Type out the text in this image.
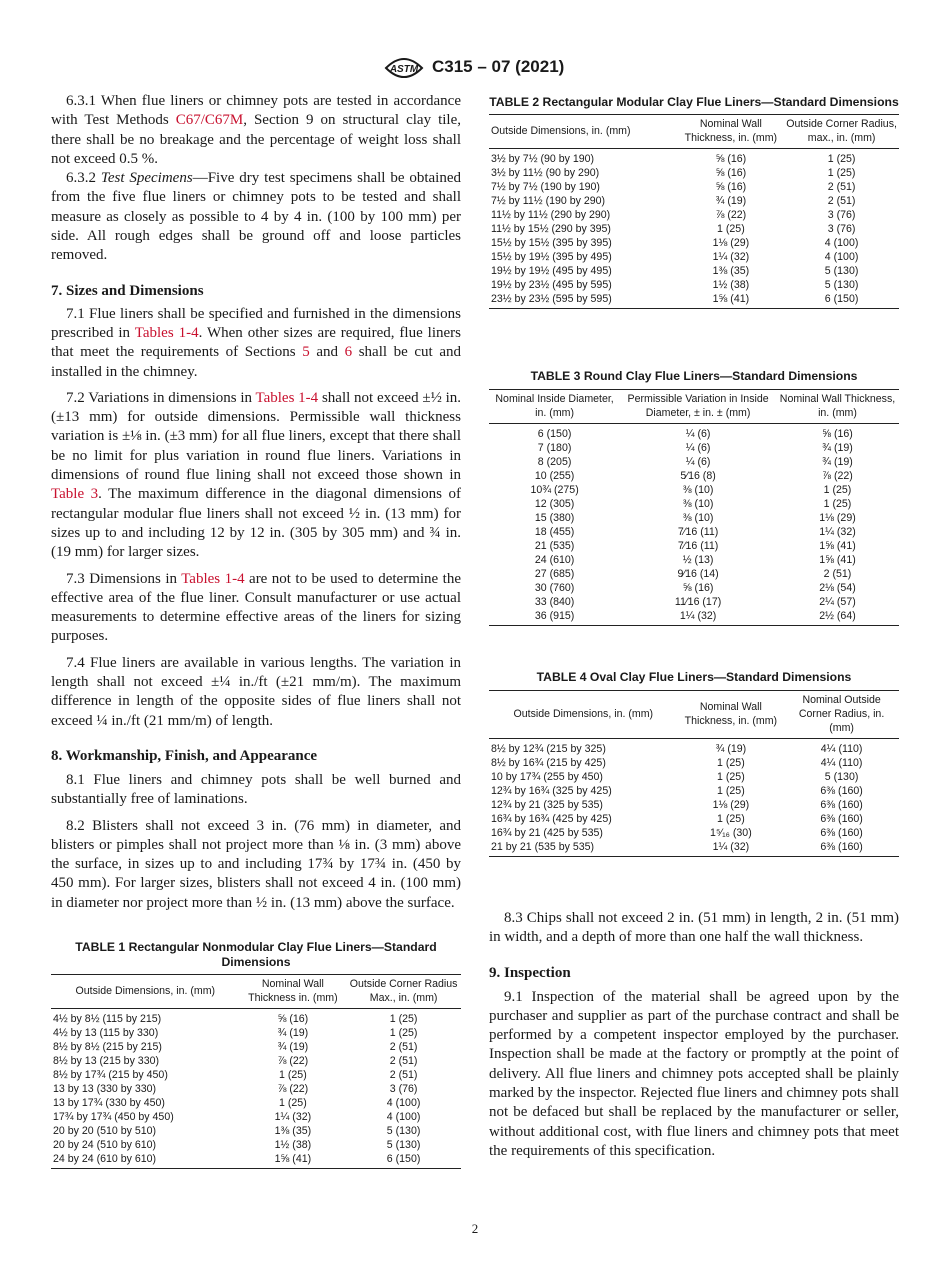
ASTM C315 – 07 (2021)

6.3.1 When flue liners or chimney pots are tested in accordance with Test Methods C67/C67M, Section 9 on structural clay tile, there shall be no breakage and the percentage of weight loss shall not exceed 0.5 %.

6.3.2 Test Specimens—Five dry test specimens shall be obtained from the five flue liners or chimney pots to be tested and shall measure as closely as possible to 4 by 4 in. (100 by 100 mm) per side. All rough edges shall be ground off and loose particles removed.

7. Sizes and Dimensions

7.1 Flue liners shall be specified and furnished in the dimensions prescribed in Tables 1-4. When other sizes are required, flue liners that meet the requirements of Sections 5 and 6 shall be cut and installed in the chimney.

7.2 Variations in dimensions in Tables 1-4 shall not exceed ±½ in. (±13 mm) for outside dimensions. Permissible wall thickness variation is ±⅛ in. (±3 mm) for all flue liners, except that there shall be no limit for plus variation in round flue liners. Variations in dimensions of round flue lining shall not exceed those shown in Table 3. The maximum difference in the diagonal dimensions of rectangular modular flue liners shall not exceed ½ in. (13 mm) for sizes up to and including 12 by 12 in. (305 by 305 mm) and ¾ in. (19 mm) for larger sizes.

7.3 Dimensions in Tables 1-4 are not to be used to determine the effective area of the flue liner. Consult manufacturer or use actual measurements to determine effective areas of the liners for sizing purposes.

7.4 Flue liners are available in various lengths. The variation in length shall not exceed ±¼ in./ft (±21 mm/m). The maximum difference in length of the opposite sides of flue liners shall not exceed ¼ in./ft (21 mm/m) of length.

8. Workmanship, Finish, and Appearance

8.1 Flue liners and chimney pots shall be well burned and substantially free of laminations.

8.2 Blisters shall not exceed 3 in. (76 mm) in diameter, and blisters or pimples shall not project more than ⅛ in. (3 mm) above the surface, in sizes up to and including 17¾ by 17¾ in. (450 by 450 mm). For larger sizes, blisters shall not exceed 4 in. (100 mm) in diameter nor project more than ½ in. (13 mm) above the surface.

TABLE 1 Rectangular Nonmodular Clay Flue Liners—Standard Dimensions
Outside Dimensions, in. (mm)	Nominal Wall Thickness in. (mm)	Outside Corner Radius Max., in. (mm)
4½ by 8½ (115 by 215)	⅝ (16)	1 (25)
4½ by 13 (115 by 330)	¾ (19)	1 (25)
8½ by 8½ (215 by 215)	¾ (19)	2 (51)
8½ by 13 (215 by 330)	⅞ (22)	2 (51)
8½ by 17¾ (215 by 450)	1 (25)	2 (51)
13 by 13 (330 by 330)	⅞ (22)	3 (76)
13 by 17¾ (330 by 450)	1 (25)	4 (100)
17¾ by 17¾ (450 by 450)	1¼ (32)	4 (100)
20 by 20 (510 by 510)	1⅜ (35)	5 (130)
20 by 24 (510 by 610)	1½ (38)	5 (130)
24 by 24 (610 by 610)	1⅝ (41)	6 (150)
TABLE 2 Rectangular Modular Clay Flue Liners—Standard Dimensions
Outside Dimensions, in. (mm)	Nominal Wall Thickness, in. (mm)	Outside Corner Radius, max., in. (mm)
3½ by 7½ (90 by 190)	⅝ (16)	1 (25)
3½ by 11½ (90 by 290)	⅝ (16)	1 (25)
7½ by 7½ (190 by 190)	⅝ (16)	2 (51)
7½ by 11½ (190 by 290)	¾ (19)	2 (51)
11½ by 11½ (290 by 290)	⅞ (22)	3 (76)
11½ by 15½ (290 by 395)	1 (25)	3 (76)
15½ by 15½ (395 by 395)	1⅛ (29)	4 (100)
15½ by 19½ (395 by 495)	1¼ (32)	4 (100)
19½ by 19½ (495 by 495)	1⅜ (35)	5 (130)
19½ by 23½ (495 by 595)	1½ (38)	5 (130)
23½ by 23½ (595 by 595)	1⅝ (41)	6 (150)
TABLE 3 Round Clay Flue Liners—Standard Dimensions
Nominal Inside Diameter, in. (mm)	Permissible Variation in Inside Diameter, ± in. ± (mm)	Nominal Wall Thickness, in. (mm)
6 (150)	¼ (6)	⅝ (16)
7 (180)	¼ (6)	¾ (19)
8 (205)	¼ (6)	¾ (19)
10 (255)	5⁄16 (8)	⅞ (22)
10¾ (275)	⅜ (10)	1 (25)
12 (305)	⅜ (10)	1 (25)
15 (380)	⅜ (10)	1⅛ (29)
18 (455)	7⁄16 (11)	1¼ (32)
21 (535)	7⁄16 (11)	1⅝ (41)
24 (610)	½ (13)	1⅝ (41)
27 (685)	9⁄16 (14)	2 (51)
30 (760)	⅝ (16)	2⅛ (54)
33 (840)	11⁄16 (17)	2¼ (57)
36 (915)	1¼ (32)	2½ (64)
TABLE 4 Oval Clay Flue Liners—Standard Dimensions
Outside Dimensions, in. (mm)	Nominal Wall Thickness, in. (mm)	Nominal Outside Corner Radius, in. (mm)
8½ by 12¾ (215 by 325)	¾ (19)	4¼ (110)
8½ by 16¾ (215 by 425)	1 (25)	4¼ (110)
10 by 17¾ (255 by 450)	1 (25)	5 (130)
12¾ by 16¾ (325 by 425)	1 (25)	6⅜ (160)
12¾ by 21 (325 by 535)	1⅛ (29)	6⅜ (160)
16¾ by 16¾ (425 by 425)	1 (25)	6⅜ (160)
16¾ by 21 (425 by 535)	1⁵⁄₁₆ (30)	6⅜ (160)
21 by 21 (535 by 535)	1¼ (32)	6⅜ (160)

8.3 Chips shall not exceed 2 in. (51 mm) in length, 2 in. (51 mm) in width, and a depth of more than one half the wall thickness.

9. Inspection

9.1 Inspection of the material shall be agreed upon by the purchaser and supplier as part of the purchase contract and shall be performed by a competent inspector employed by the purchaser. Inspection shall be made at the factory or promptly at the point of delivery. All flue liners and chimney pots accepted shall be plainly marked by the inspector. Rejected flue liners and chimney pots shall not be defaced but shall be replaced by the manufacturer or seller, without additional cost, with flue liners and chimney pots that meet the requirements of this specification.

2
